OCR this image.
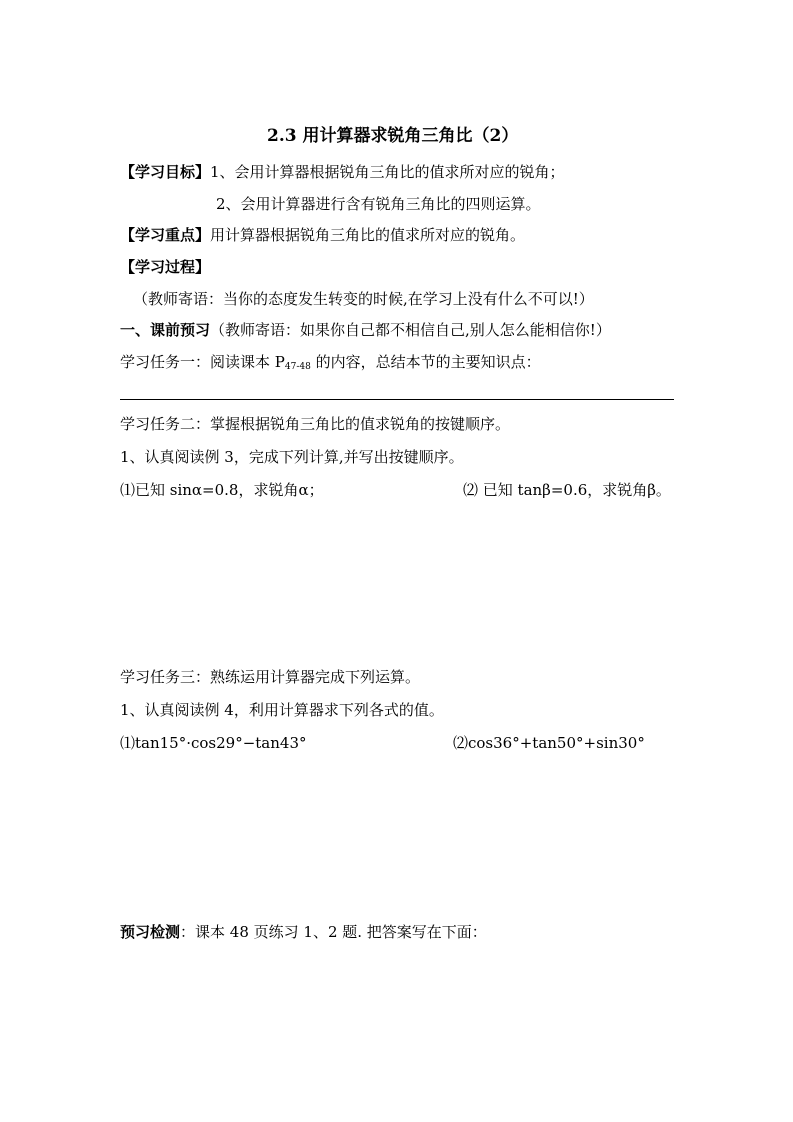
2.3 用计算器求锐角三角比（2）
【学习目标】1、会用计算器根据锐角三角比的值求所对应的锐角；
2、会用计算器进行含有锐角三角比的四则运算。
【学习重点】用计算器根据锐角三角比的值求所对应的锐角。
【学习过程】
（教师寄语：当你的态度发生转变的时候,在学习上没有什么不可以!）
一、课前预习（教师寄语：如果你自己都不相信自己,别人怎么能相信你!）
学习任务一：阅读课本 $P_{47-48}$ 的内容，总结本节的主要知识点：
学习任务二：掌握根据锐角三角比的值求锐角的按键顺序。
1、认真阅读例 3，完成下列计算,并写出按键顺序。
⑴已知 sinα=0.8，求锐角α；	⑵ 已知 tanβ=0.6，求锐角β。
学习任务三：熟练运用计算器完成下列运算。
1、认真阅读例 4，利用计算器求下列各式的值。
⑴tan15°·cos29°−tan43°	⑵cos36°+tan50°+sin30°
预习检测：课本 48 页练习 1、2 题. 把答案写在下面：
